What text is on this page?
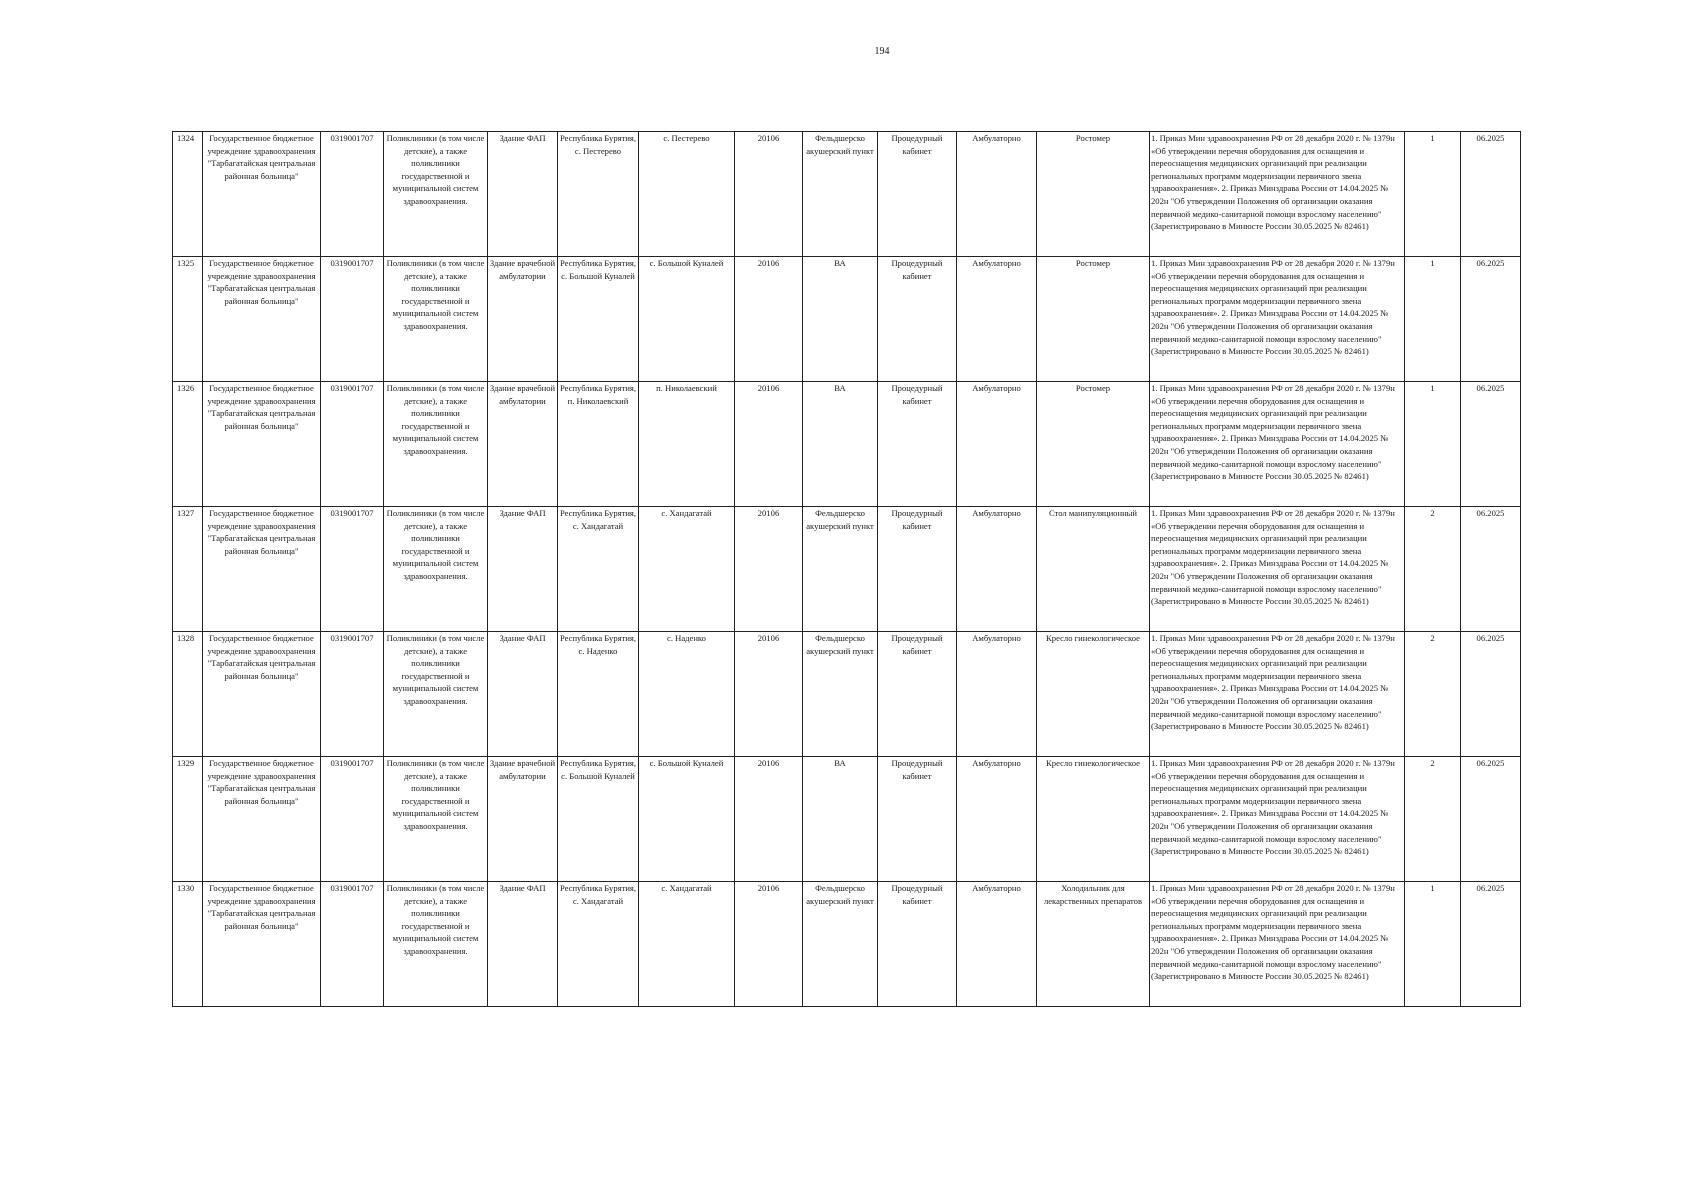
194
1324	Государственное бюджетное учреждение здравоохранения "Тарбагатайская центральная районная больница"	0319001707	Поликлиники (в том числе детские), а также поликлиники государственной и муниципальной систем здравоохранения.	Здание ФАП	Республика Бурятия, с. Пестерево	с. Пестерево	20106	Фельдшерско акушерский пункт	Процедурный кабинет	Амбулаторно	Ростомер	1. Приказ Мин здравоохранения РФ от 28 декабря 2020 г. № 1379н «Об утверждении перечня оборудования для оснащения и переоснащения медицинских организаций при реализации региональных программ модернизации первичного звена здравоохранения». 2. Приказ Минздрава России от 14.04.2025 № 202н "Об утверждении Положения об организации оказания первичной медико-санитарной помощи взрослому населению" (Зарегистрировано в Минюсте России 30.05.2025 № 82461)	1	06.2025
1325	Государственное бюджетное учреждение здравоохранения "Тарбагатайская центральная районная больница"	0319001707	Поликлиники (в том числе детские), а также поликлиники государственной и муниципальной систем здравоохранения.	Здание врачебной амбулатории	Республика Бурятия, с. Большой Куналей	с. Большой Куналей	20106	ВА	Процедурный кабинет	Амбулаторно	Ростомер	1. Приказ Мин здравоохранения РФ от 28 декабря 2020 г. № 1379н «Об утверждении перечня оборудования для оснащения и переоснащения медицинских организаций при реализации региональных программ модернизации первичного звена здравоохранения». 2. Приказ Минздрава России от 14.04.2025 № 202н "Об утверждении Положения об организации оказания первичной медико-санитарной помощи взрослому населению" (Зарегистрировано в Минюсте России 30.05.2025 № 82461)	1	06.2025
1326	Государственное бюджетное учреждение здравоохранения "Тарбагатайская центральная районная больница"	0319001707	Поликлиники (в том числе детские), а также поликлиники государственной и муниципальной систем здравоохранения.	Здание врачебной амбулатории	Республика Бурятия, п. Николаевский	п. Николаевский	20106	ВА	Процедурный кабинет	Амбулаторно	Ростомер	1. Приказ Мин здравоохранения РФ от 28 декабря 2020 г. № 1379н «Об утверждении перечня оборудования для оснащения и переоснащения медицинских организаций при реализации региональных программ модернизации первичного звена здравоохранения». 2. Приказ Минздрава России от 14.04.2025 № 202н "Об утверждении Положения об организации оказания первичной медико-санитарной помощи взрослому населению" (Зарегистрировано в Минюсте России 30.05.2025 № 82461)	1	06.2025
1327	Государственное бюджетное учреждение здравоохранения "Тарбагатайская центральная районная больница"	0319001707	Поликлиники (в том числе детские), а также поликлиники государственной и муниципальной систем здравоохранения.	Здание ФАП	Республика Бурятия, с. Хандагатай	с. Хандагатай	20106	Фельдшерско акушерский пункт	Процедурный кабинет	Амбулаторно	Стол манипуляционный	1. Приказ Мин здравоохранения РФ от 28 декабря 2020 г. № 1379н «Об утверждении перечня оборудования для оснащения и переоснащения медицинских организаций при реализации региональных программ модернизации первичного звена здравоохранения». 2. Приказ Минздрава России от 14.04.2025 № 202н "Об утверждении Положения об организации оказания первичной медико-санитарной помощи взрослому населению" (Зарегистрировано в Минюсте России 30.05.2025 № 82461)	2	06.2025
1328	Государственное бюджетное учреждение здравоохранения "Тарбагатайская центральная районная больница"	0319001707	Поликлиники (в том числе детские), а также поликлиники государственной и муниципальной систем здравоохранения.	Здание ФАП	Республика Бурятия, с. Наденко	с. Наденко	20106	Фельдшерско акушерский пункт	Процедурный кабинет	Амбулаторно	Кресло гинекологическое	1. Приказ Мин здравоохранения РФ от 28 декабря 2020 г. № 1379н «Об утверждении перечня оборудования для оснащения и переоснащения медицинских организаций при реализации региональных программ модернизации первичного звена здравоохранения». 2. Приказ Минздрава России от 14.04.2025 № 202н "Об утверждении Положения об организации оказания первичной медико-санитарной помощи взрослому населению" (Зарегистрировано в Минюсте России 30.05.2025 № 82461)	2	06.2025
1329	Государственное бюджетное учреждение здравоохранения "Тарбагатайская центральная районная больница"	0319001707	Поликлиники (в том числе детские), а также поликлиники государственной и муниципальной систем здравоохранения.	Здание врачебной амбулатории	Республика Бурятия, с. Большой Куналей	с. Большой Куналей	20106	ВА	Процедурный кабинет	Амбулаторно	Кресло гинекологическое	1. Приказ Мин здравоохранения РФ от 28 декабря 2020 г. № 1379н «Об утверждении перечня оборудования для оснащения и переоснащения медицинских организаций при реализации региональных программ модернизации первичного звена здравоохранения». 2. Приказ Минздрава России от 14.04.2025 № 202н "Об утверждении Положения об организации оказания первичной медико-санитарной помощи взрослому населению" (Зарегистрировано в Минюсте России 30.05.2025 № 82461)	2	06.2025
1330	Государственное бюджетное учреждение здравоохранения "Тарбагатайская центральная районная больница"	0319001707	Поликлиники (в том числе детские), а также поликлиники государственной и муниципальной систем здравоохранения.	Здание ФАП	Республика Бурятия, с. Хандагатай	с. Хандагатай	20106	Фельдшерско акушерский пункт	Процедурный кабинет	Амбулаторно	Холодильник для лекарственных препаратов	1. Приказ Мин здравоохранения РФ от 28 декабря 2020 г. № 1379н «Об утверждении перечня оборудования для оснащения и переоснащения медицинских организаций при реализации региональных программ модернизации первичного звена здравоохранения». 2. Приказ Минздрава России от 14.04.2025 № 202н "Об утверждении Положения об организации оказания первичной медико-санитарной помощи взрослому населению" (Зарегистрировано в Минюсте России 30.05.2025 № 82461)	1	06.2025
